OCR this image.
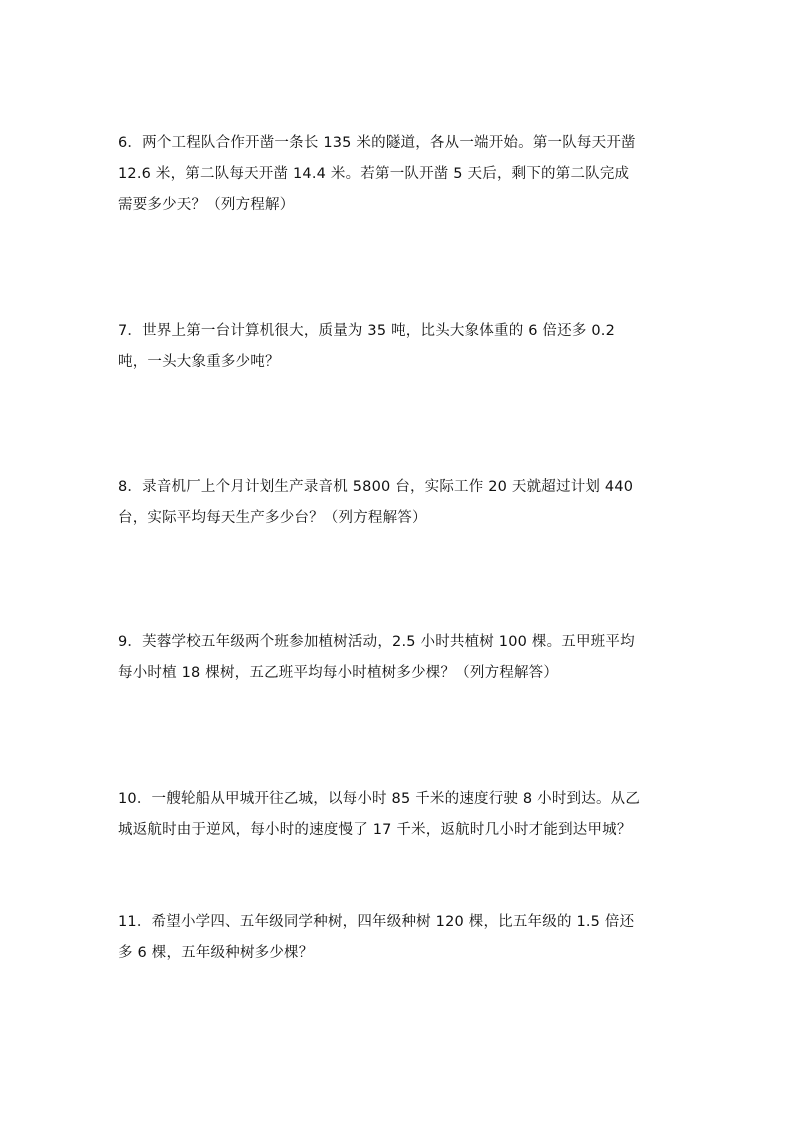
6．两个工程队合作开凿一条长 135 米的隧道，各从一端开始。第一队每天开凿
12.6 米，第二队每天开凿 14.4 米。若第一队开凿 5 天后，剩下的第二队完成
需要多少天？（列方程解）
7．世界上第一台计算机很大，质量为 35 吨，比头大象体重的 6 倍还多 0.2
吨，一头大象重多少吨？
8．录音机厂上个月计划生产录音机 5800 台，实际工作 20 天就超过计划 440
台，实际平均每天生产多少台？（列方程解答）
9．芙蓉学校五年级两个班参加植树活动，2.5 小时共植树 100 棵。五甲班平均
每小时植 18 棵树，五乙班平均每小时植树多少棵？（列方程解答）
10．一艘轮船从甲城开往乙城，以每小时 85 千米的速度行驶 8 小时到达。从乙
城返航时由于逆风，每小时的速度慢了 17 千米，返航时几小时才能到达甲城？
11．希望小学四、五年级同学种树，四年级种树 120 棵，比五年级的 1.5 倍还
多 6 棵，五年级种树多少棵？
